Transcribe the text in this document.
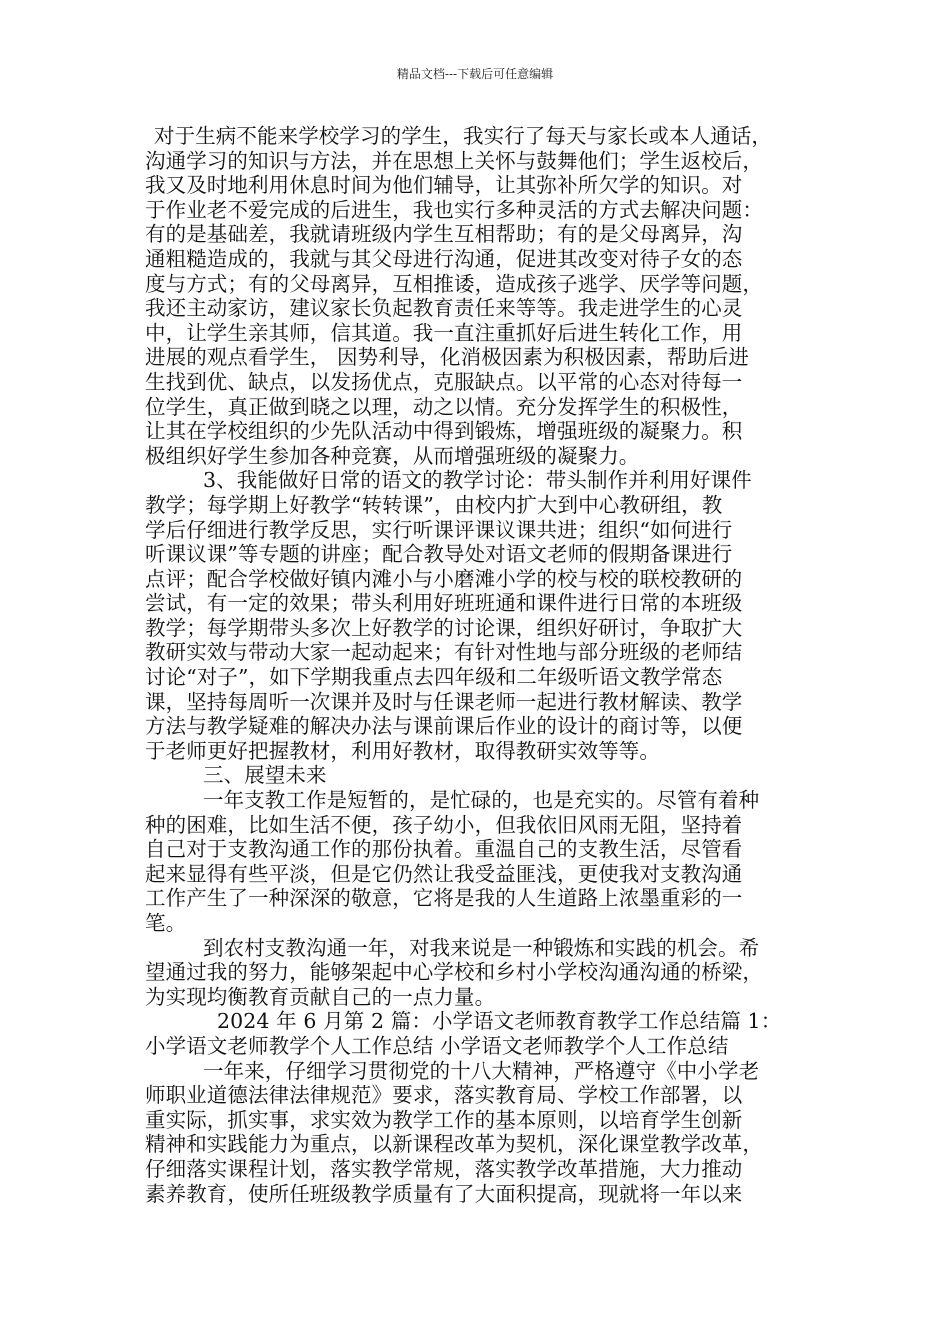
精品文档---下载后可任意编辑
对于生病不能来学校学习的学生，我实行了每天与家长或本人通话，
沟通学习的知识与方法，并在思想上关怀与鼓舞他们；学生返校后，
我又及时地利用休息时间为他们辅导，让其弥补所欠学的知识。对
于作业老不爱完成的后进生，我也实行多种灵活的方式去解决问题：
有的是基础差，我就请班级内学生互相帮助；有的是父母离异，沟
通粗糙造成的，我就与其父母进行沟通，促进其改变对待子女的态
度与方式；有的父母离异，互相推诿，造成孩子逃学、厌学等问题，
我还主动家访，建议家长负起教育责任来等等。我走进学生的心灵
中，让学生亲其师，信其道。我一直注重抓好后进生转化工作，用
进展的观点看学生， 因势利导，化消极因素为积极因素，帮助后进
生找到优、缺点，以发扬优点，克服缺点。以平常的心态对待每一
位学生，真正做到晓之以理，动之以情。充分发挥学生的积极性，
让其在学校组织的少先队活动中得到锻炼，增强班级的凝聚力。积
极组织好学生参加各种竞赛，从而增强班级的凝聚力。
3、我能做好日常的语文的教学讨论：带头制作并利用好课件
教学；每学期上好教学“转转课”，由校内扩大到中心教研组，教
学后仔细进行教学反思，实行听课评课议课共进；组织“如何进行
听课议课”等专题的讲座；配合教导处对语文老师的假期备课进行
点评；配合学校做好镇内滩小与小磨滩小学的校与校的联校教研的
尝试，有一定的效果；带头利用好班班通和课件进行日常的本班级
教学；每学期带头多次上好教学的讨论课，组织好研讨，争取扩大
教研实效与带动大家一起动起来；有针对性地与部分班级的老师结
讨论“对子”，如下学期我重点去四年级和二年级听语文教学常态
课，坚持每周听一次课并及时与任课老师一起进行教材解读、教学
方法与教学疑难的解决办法与课前课后作业的设计的商讨等，以便
于老师更好把握教材，利用好教材，取得教研实效等等。
三、展望未来
一年支教工作是短暂的，是忙碌的，也是充实的。尽管有着种
种的困难，比如生活不便，孩子幼小，但我依旧风雨无阻，坚持着
自己对于支教沟通工作的那份执着。重温自己的支教生活，尽管看
起来显得有些平淡，但是它仍然让我受益匪浅，更使我对支教沟通
工作产生了一种深深的敬意，它将是我的人生道路上浓墨重彩的一
笔。
到农村支教沟通一年，对我来说是一种锻炼和实践的机会。希
望通过我的努力，能够架起中心学校和乡村小学校沟通沟通的桥梁，
为实现均衡教育贡献自己的一点力量。
2024 年 6 月第 2 篇：小学语文老师教育教学工作总结篇 1：
小学语文老师教学个人工作总结 小学语文老师教学个人工作总结
一年来，仔细学习贯彻党的十八大精神，严格遵守《中小学老
师职业道德法律法律规范》要求，落实教育局、学校工作部署，以
重实际，抓实事，求实效为教学工作的基本原则，以培育学生创新
精神和实践能力为重点，以新课程改革为契机，深化课堂教学改革，
仔细落实课程计划，落实教学常规，落实教学改革措施，大力推动
素养教育，使所任班级教学质量有了大面积提高，现就将一年以来
